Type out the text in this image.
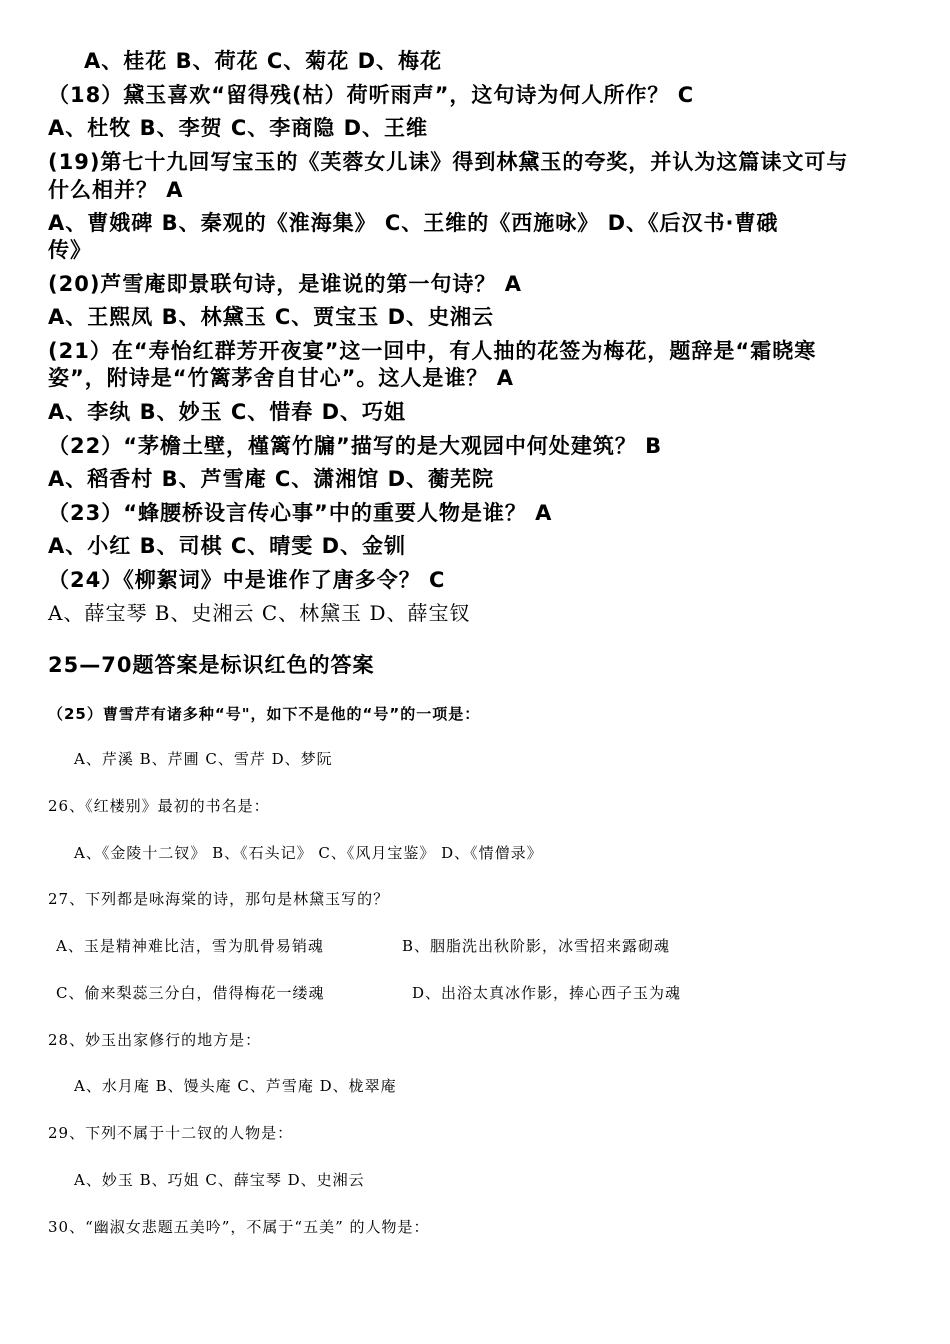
A、桂花 B、荷花 C、菊花 D、梅花

（18）黛玉喜欢“留得残(枯）荷听雨声”，这句诗为何人所作？ C

A、杜牧 B、李贺 C、李商隐 D、王维

(19)第七十九回写宝玉的《芙蓉女儿诔》得到林黛玉的夸奖，并认为这篇诔文可与

什么相并？ A

A、曹娥碑 B、秦观的《淮海集》 C、王维的《西施咏》 D、《后汉书·曹硪

传》

(20)芦雪庵即景联句诗，是谁说的第一句诗？ A

A、王熙凤 B、林黛玉 C、贾宝玉 D、史湘云

(21）在“寿怡红群芳开夜宴”这一回中，有人抽的花签为梅花，题辞是“霜晓寒

姿”，附诗是“竹篱茅舍自甘心”。这人是谁？ A

A、李纨 B、妙玉 C、惜春 D、巧姐

（22）“茅檐土壁，槿篱竹牖”描写的是大观园中何处建筑？ B

A、稻香村 B、芦雪庵 C、潇湘馆 D、蘅芜院

（23）“蜂腰桥设言传心事”中的重要人物是谁？ A

A、小红 B、司棋 C、晴雯 D、金钏

（24）《柳絮词》中是谁作了唐多令？ C

A、薛宝琴 B、史湘云 C、林黛玉 D、薛宝钗

25—70题答案是标识红色的答案

（25）曹雪芹有诸多种“号"，如下不是他的“号”的一项是：

A、芹溪 B、芹圃 C、雪芹 D、梦阮

26、《红楼别》最初的书名是：

A、《金陵十二钗》 B、《石头记》 C、《风月宝鉴》 D、《情僧录》

27、下列都是咏海棠的诗，那句是林黛玉写的？

A、玉是精神难比洁，雪为肌骨易销魂	B、胭脂洗出秋阶影，冰雪招来露砌魂

C、偷来梨蕊三分白，借得梅花一缕魂	D、出浴太真冰作影，捧心西子玉为魂

28、妙玉出家修行的地方是：

A、水月庵 B、馒头庵 C、芦雪庵 D、栊翠庵

29、下列不属于十二钗的人物是：

A、妙玉 B、巧姐 C、薛宝琴 D、史湘云

30、“幽淑女悲题五美吟”，不属于“五美” 的人物是：
